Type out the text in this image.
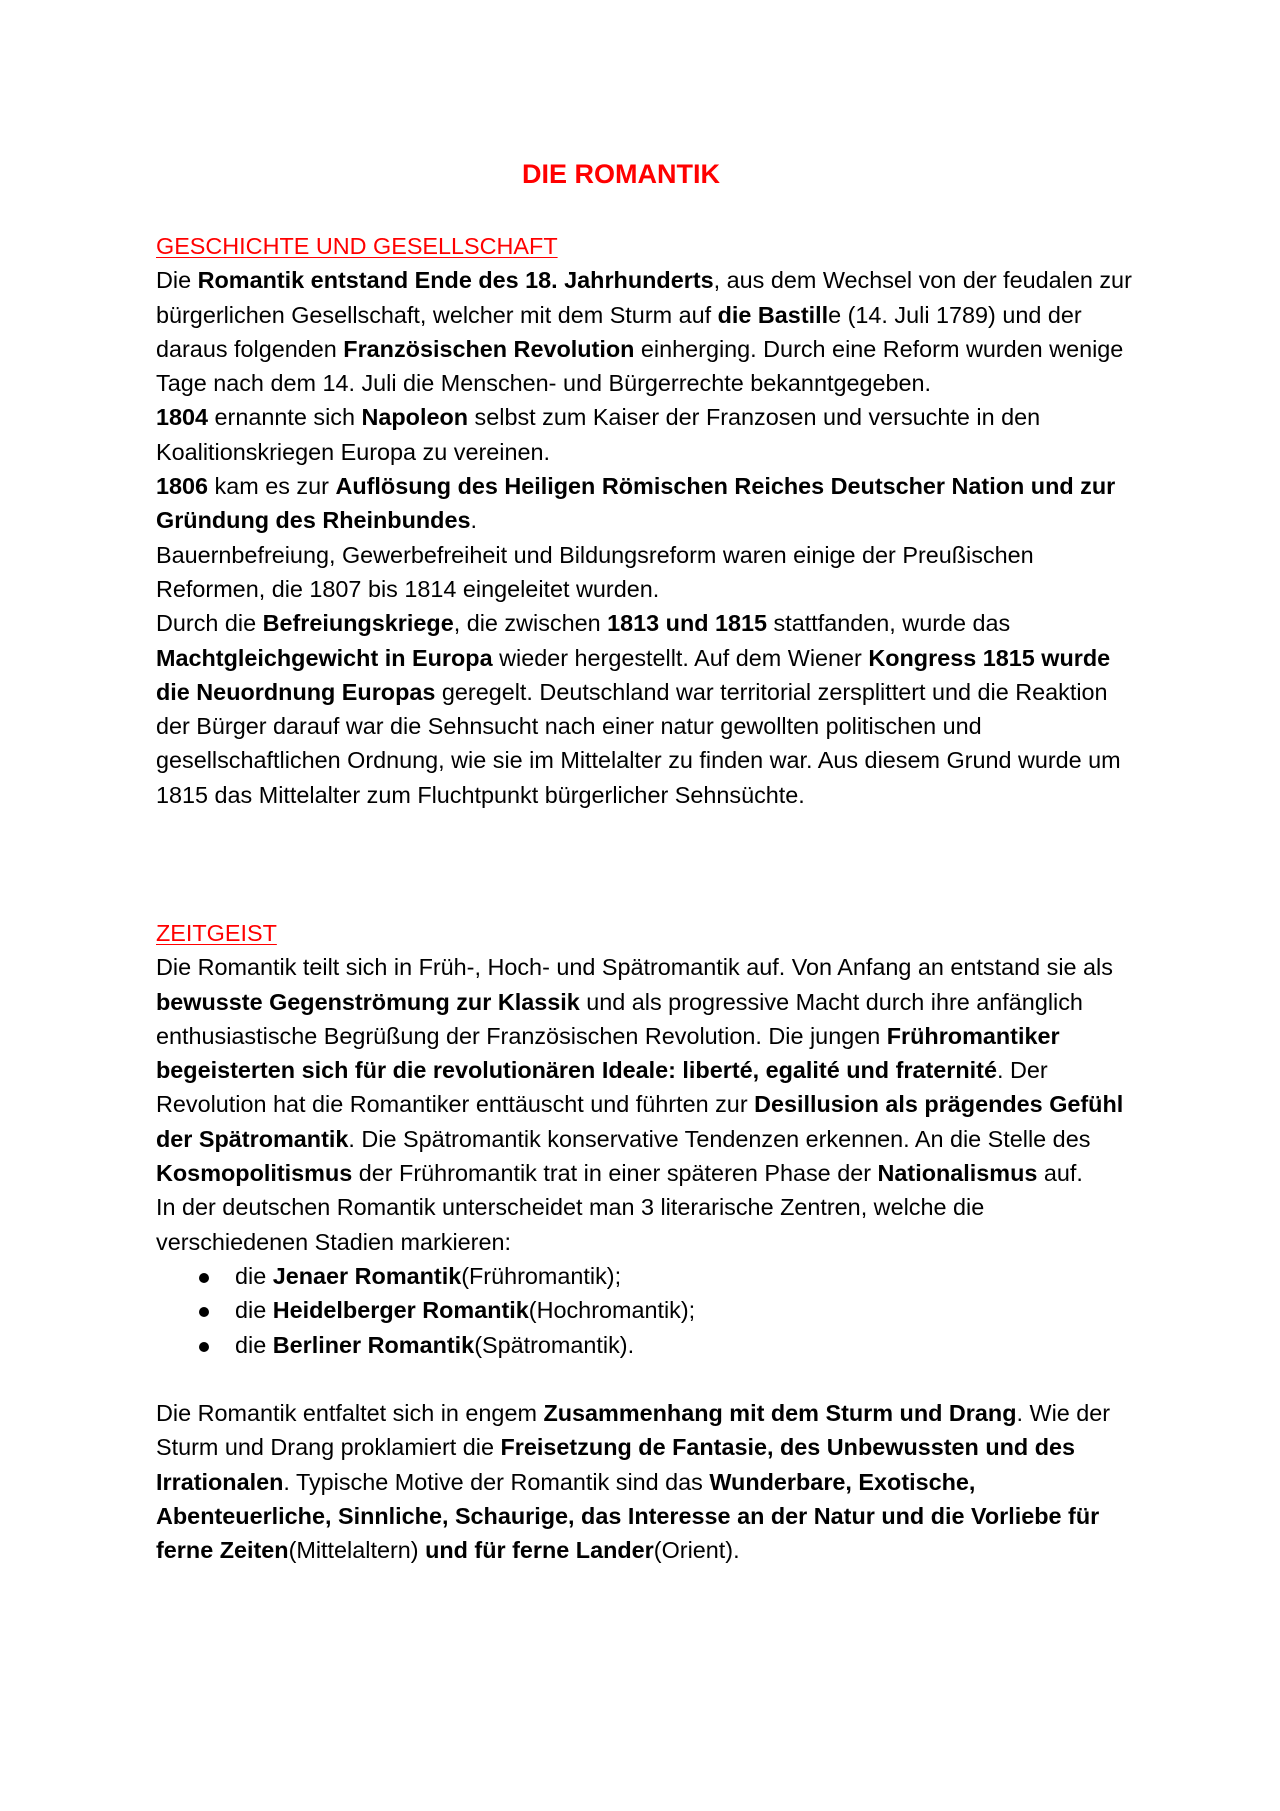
DIE ROMANTIK
GESCHICHTE UND GESELLSCHAFT

Die Romantik entstand Ende des 18. Jahrhunderts, aus dem Wechsel von der feudalen zur bürgerlichen Gesellschaft, welcher mit dem Sturm auf die Bastille (14. Juli 1789) und der daraus folgenden Französischen Revolution einherging. Durch eine Reform wurden wenige Tage nach dem 14. Juli die Menschen- und Bürgerrechte bekanntgegeben.

1804 ernannte sich Napoleon selbst zum Kaiser der Franzosen und versuchte in den Koalitionskriegen Europa zu vereinen.

1806 kam es zur Auflösung des Heiligen Römischen Reiches Deutscher Nation und zur Gründung des Rheinbundes.

Bauernbefreiung, Gewerbefreiheit und Bildungsreform waren einige der Preußischen Reformen, die 1807 bis 1814 eingeleitet wurden.

Durch die Befreiungskriege, die zwischen 1813 und 1815 stattfanden, wurde das Machtgleichgewicht in Europa wieder hergestellt. Auf dem Wiener Kongress 1815 wurde die Neuordnung Europas geregelt. Deutschland war territorial zersplittert und die Reaktion der Bürger darauf war die Sehnsucht nach einer natur gewollten politischen und gesellschaftlichen Ordnung, wie sie im Mittelalter zu finden war. Aus diesem Grund wurde um 1815 das Mittelalter zum Fluchtpunkt bürgerlicher Sehnsüchte.

ZEITGEIST

Die Romantik teilt sich in Früh-, Hoch- und Spätromantik auf. Von Anfang an entstand sie als bewusste Gegenströmung zur Klassik und als progressive Macht durch ihre anfänglich enthusiastische Begrüßung der Französischen Revolution. Die jungen Frühromantiker begeisterten sich für die revolutionären Ideale: liberté, egalité und fraternité. Der Revolution hat die Romantiker enttäuscht und führten zur Desillusion als prägendes Gefühl der Spätromantik. Die Spätromantik konservative Tendenzen erkennen. An die Stelle des Kosmopolitismus der Frühromantik trat in einer späteren Phase der Nationalismus auf.

In der deutschen Romantik unterscheidet man 3 literarische Zentren, welche die verschiedenen Stadien markieren:

die Jenaer Romantik(Frühromantik);
die Heidelberger Romantik(Hochromantik);
die Berliner Romantik(Spätromantik).

Die Romantik entfaltet sich in engem Zusammenhang mit dem Sturm und Drang. Wie der Sturm und Drang proklamiert die Freisetzung de Fantasie, des Unbewussten und des Irrationalen. Typische Motive der Romantik sind das Wunderbare, Exotische, Abenteuerliche, Sinnliche, Schaurige, das Interesse an der Natur und die Vorliebe für ferne Zeiten(Mittelaltern) und für ferne Lander(Orient).
